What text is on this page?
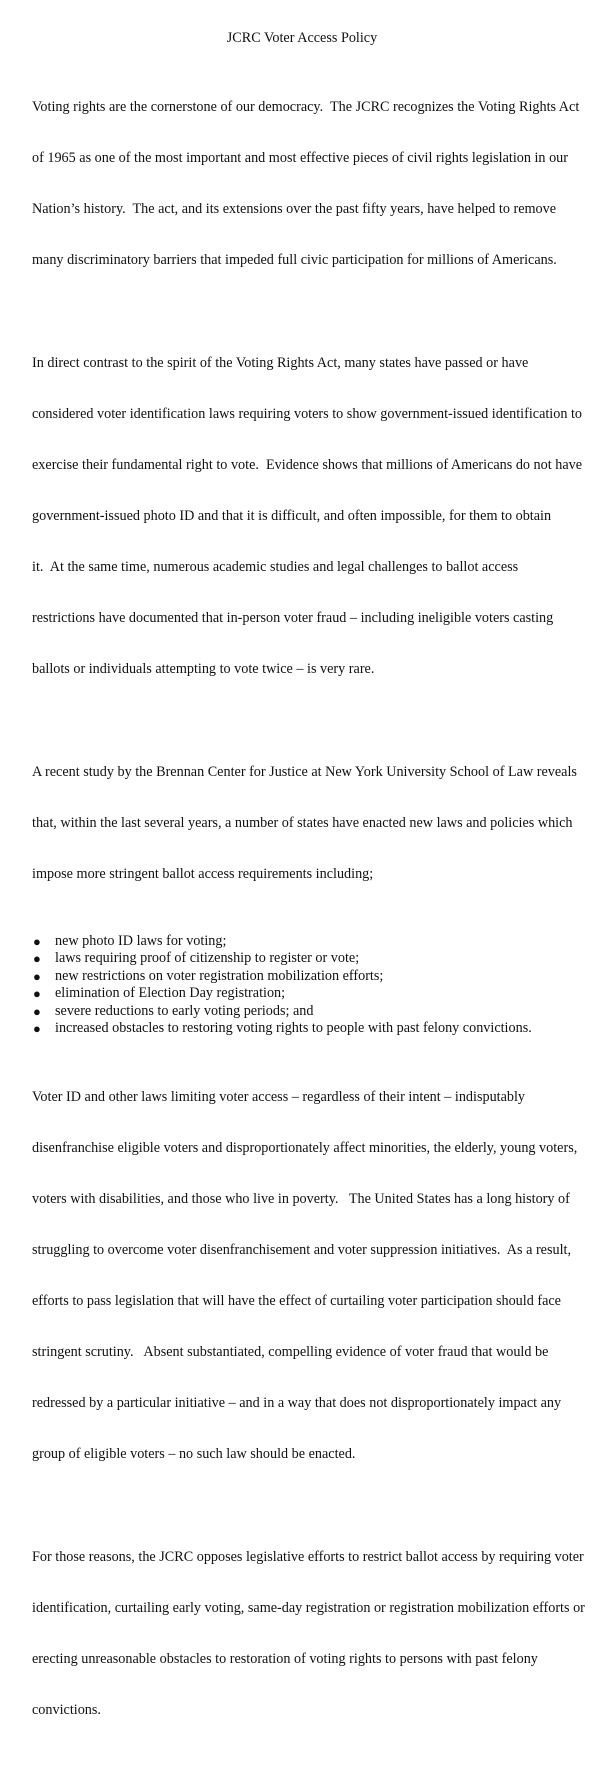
JCRC Voter Access Policy

Voting rights are the cornerstone of our democracy.  The JCRC recognizes the Voting Rights Act

of 1965 as one of the most important and most effective pieces of civil rights legislation in our

Nation’s history.  The act, and its extensions over the past fifty years, have helped to remove

many discriminatory barriers that impeded full civic participation for millions of Americans.

In direct contrast to the spirit of the Voting Rights Act, many states have passed or have

considered voter identification laws requiring voters to show government-issued identification to

exercise their fundamental right to vote.  Evidence shows that millions of Americans do not have

government-issued photo ID and that it is difficult, and often impossible, for them to obtain

it.  At the same time, numerous academic studies and legal challenges to ballot access

restrictions have documented that in-person voter fraud – including ineligible voters casting

ballots or individuals attempting to vote twice – is very rare.

A recent study by the Brennan Center for Justice at New York University School of Law reveals

that, within the last several years, a number of states have enacted new laws and policies which

impose more stringent ballot access requirements including;

● new photo ID laws for voting;
● laws requiring proof of citizenship to register or vote;
● new restrictions on voter registration mobilization efforts;
● elimination of Election Day registration;
● severe reductions to early voting periods; and
● increased obstacles to restoring voting rights to people with past felony convictions.

Voter ID and other laws limiting voter access – regardless of their intent – indisputably

disenfranchise eligible voters and disproportionately affect minorities, the elderly, young voters,

voters with disabilities, and those who live in poverty.   The United States has a long history of

struggling to overcome voter disenfranchisement and voter suppression initiatives.  As a result,

efforts to pass legislation that will have the effect of curtailing voter participation should face

stringent scrutiny.   Absent substantiated, compelling evidence of voter fraud that would be

redressed by a particular initiative – and in a way that does not disproportionately impact any

group of eligible voters – no such law should be enacted.

For those reasons, the JCRC opposes legislative efforts to restrict ballot access by requiring voter

identification, curtailing early voting, same-day registration or registration mobilization efforts or

erecting unreasonable obstacles to restoration of voting rights to persons with past felony

convictions.
